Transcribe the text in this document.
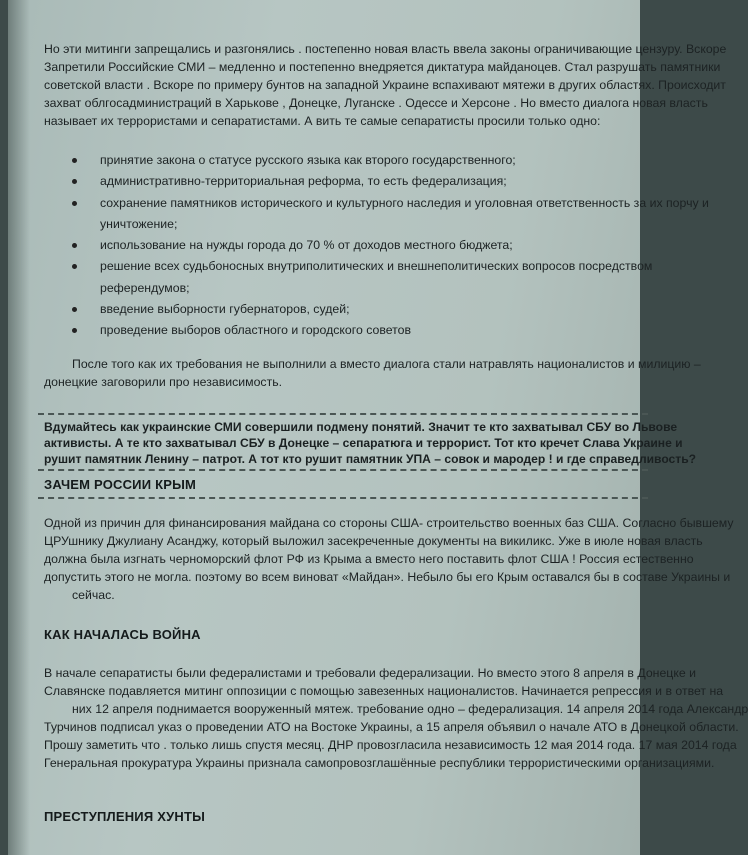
Но эти митинги запрещались и разгонялись . постепенно новая власть ввела законы ограничивающие цензуру. Вскоре
Запретили Российские СМИ – медленно и постепенно внедряется диктатура майданоцев. Стал разрушать памятники
советской власти . Вскоре по примеру бунтов на западной Украине вспахивают мятежи в других областях. Происходит
захват облгосадминистраций в Харькове , Донецке, Луганске . Одессе и Херсоне . Но вместо диалога новая власть
называет их террористами и сепаратистами. А вить те самые сепаратисты просили только одно:
принятие закона о статусе русского языка как второго государственного;
административно-территориальная реформа, то есть федерализация;
сохранение памятников исторического и культурного наследия и уголовная ответственность за их порчу и
уничтожение;
использование на нужды города до 70 % от доходов местного бюджета;
решение всех судьбоносных внутриполитических и внешнеполитических вопросов посредством
референдумов;
введение выборности губернаторов, судей;
проведение выборов областного и городского советов
После того как их требования не выполнили а вместо диалога стали натравлять националистов и милицию –
донецкие заговорили про независимость.
Вдумайтесь как украинские СМИ совершили подмену понятий. Значит те кто захватывал СБУ во Львове
активисты. А те кто захватывал СБУ в Донецке – сепаратюга и террорист. Тот кто кречет Слава Украине и
рушит памятник Ленину – патрот. А тот кто рушит памятник УПА – совок и мародер ! и где справедливость?
ЗАЧЕМ РОССИИ КРЫМ
Одной из причин для финансирования майдана со стороны США- строительство военных баз США. Согласно бывшему
ЦРУшнику Джулиану Асанджу, который выложил засекреченные документы на викиликс. Уже в июле новая власть
должна была изгнать черноморский флот РФ из Крыма а вместо него поставить флот США ! Россия естественно
допустить этого не могла. поэтому во всем виноват «Майдан». Небыло бы его Крым оставался бы в составе Украины и
сейчас.
КАК НАЧАЛАСЬ ВОЙНА
В начале сепаратисты были федералистами и требовали федерализации. Но вместо этого 8 апреля в Донецке и
Славянске подавляется митинг оппозиции с помощью завезенных националистов. Начинается репрессия и в ответ на
них 12 апреля поднимается вооруженный мятеж. требование одно – федерализация. 14 апреля 2014 года Александр
Турчинов подписал указ о проведении АТО на Востоке Украины, а 15 апреля объявил о начале АТО в Донецкой области.
Прошу заметить что . только лишь спустя месяц. ДНР провозгласила независимость 12 мая 2014 года. 17 мая 2014 года
Генеральная прокуратура Украины признала самопровозглашённые республики террористическими организациями.
ПРЕСТУПЛЕНИЯ ХУНТЫ
